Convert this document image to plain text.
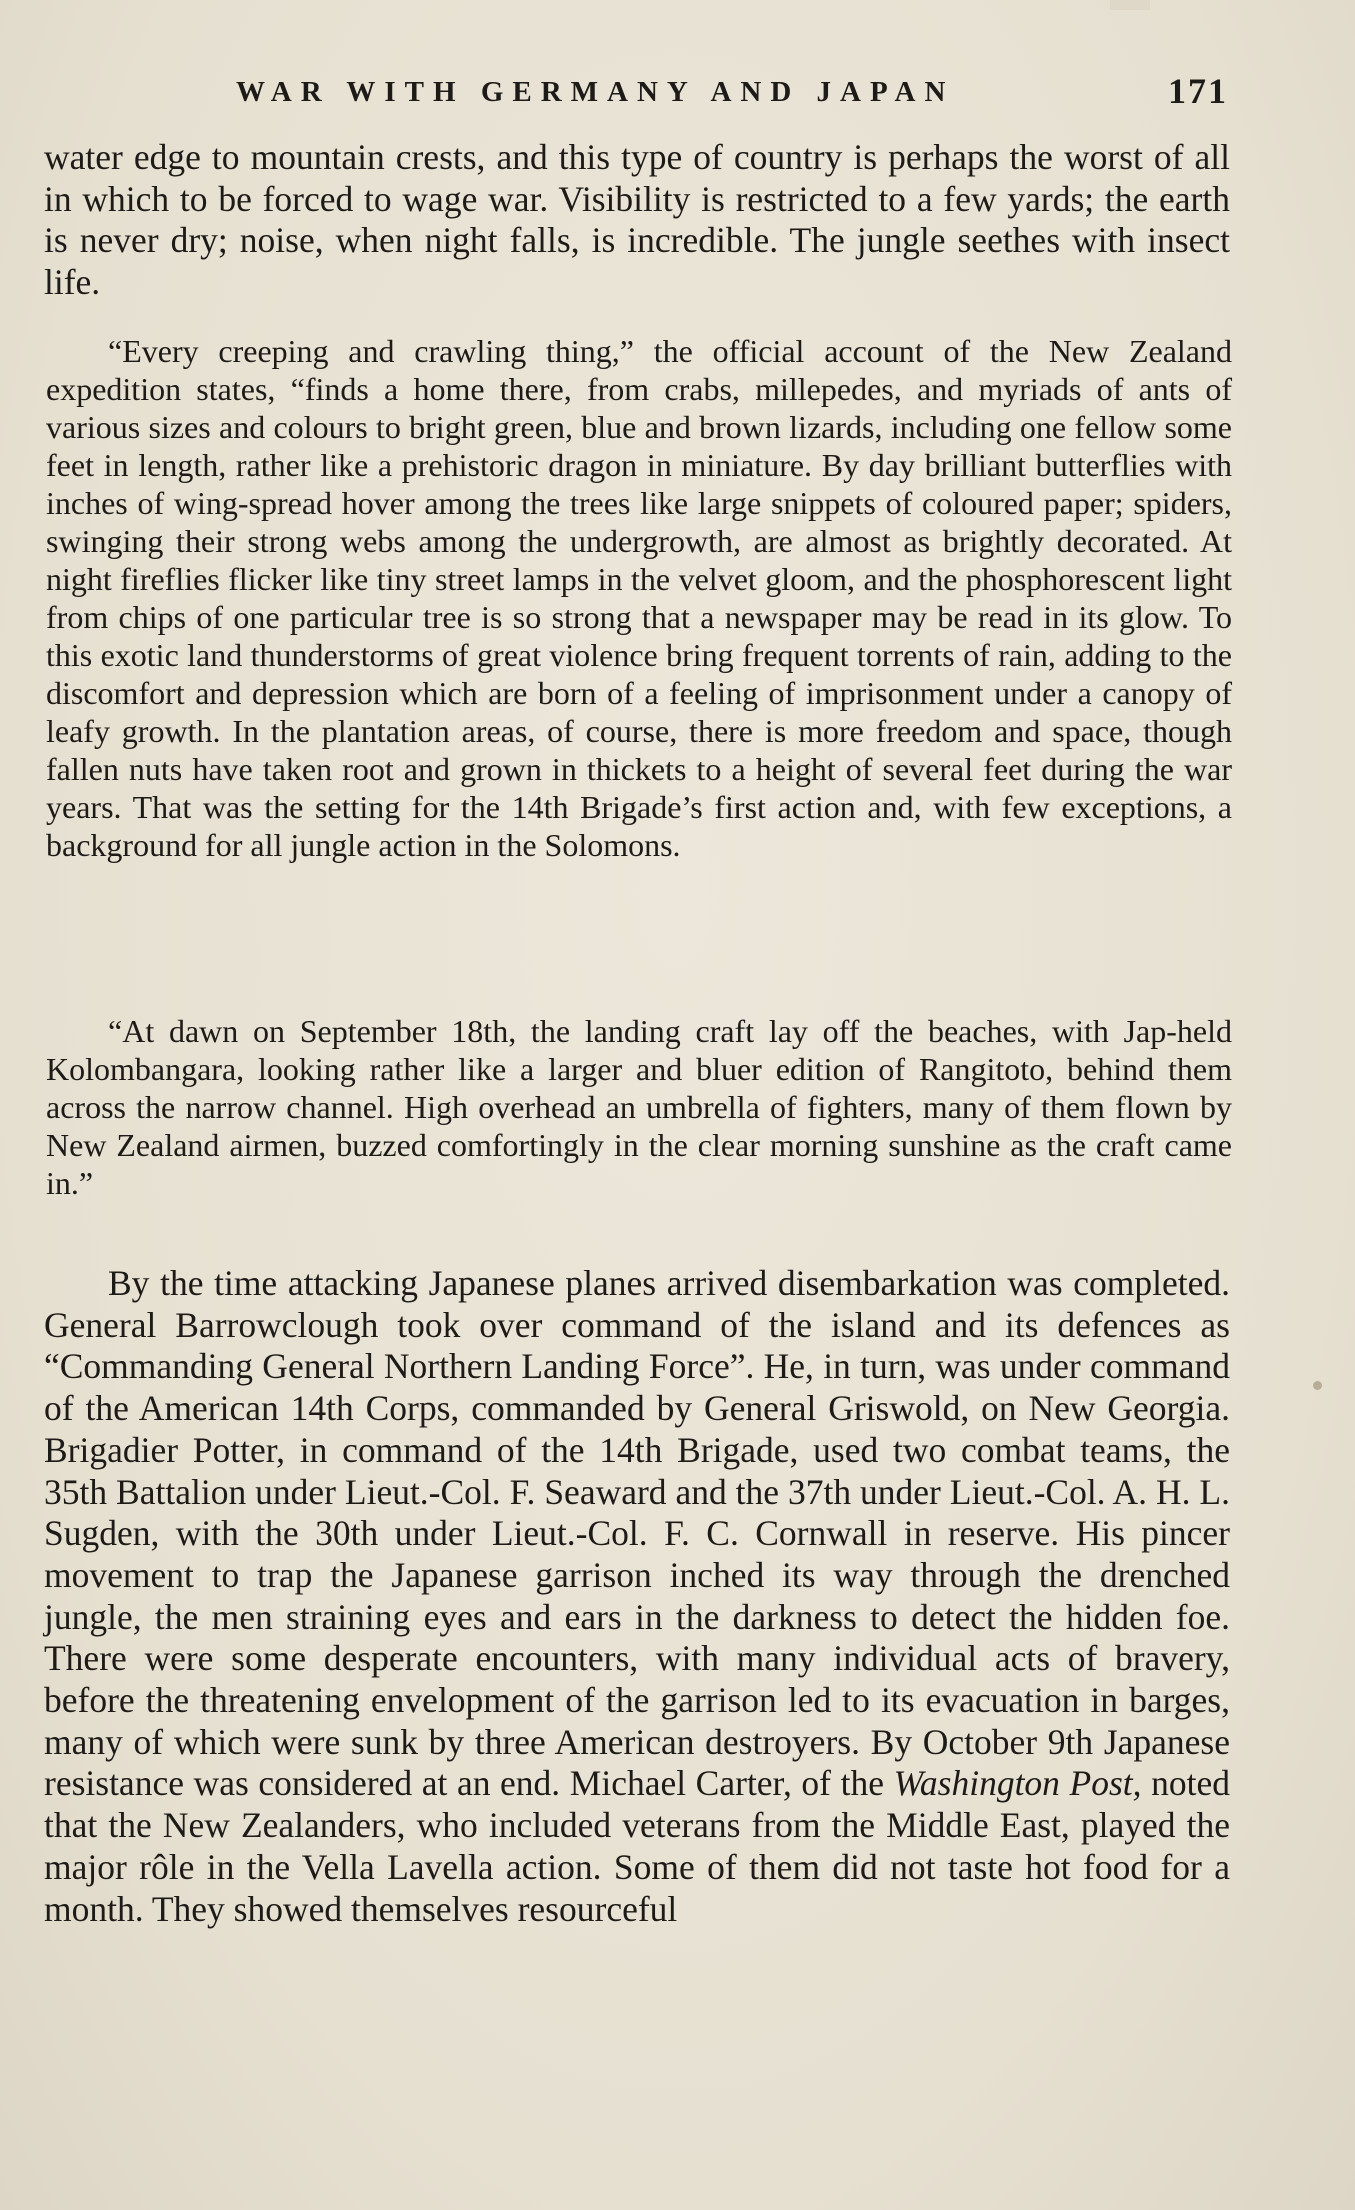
WAR WITH GERMANY AND JAPAN	171

water edge to mountain crests, and this type of country is perhaps the worst of all in which to be forced to wage war. Visibility is restricted to a few yards; the earth is never dry; noise, when night falls, is incredible. The jungle seethes with insect life.

“Every creeping and crawling thing,” the official account of the New Zealand expedition states, “finds a home there, from crabs, millepedes, and myriads of ants of various sizes and colours to bright green, blue and brown lizards, including one fellow some feet in length, rather like a prehistoric dragon in miniature. By day brilliant butterflies with inches of wing-spread hover among the trees like large snippets of coloured paper; spiders, swinging their strong webs among the undergrowth, are almost as brightly decorated. At night fireflies flicker like tiny street lamps in the velvet gloom, and the phosphorescent light from chips of one particular tree is so strong that a newspaper may be read in its glow. To this exotic land thunderstorms of great violence bring frequent torrents of rain, adding to the discomfort and depression which are born of a feeling of imprisonment under a canopy of leafy growth. In the plantation areas, of course, there is more freedom and space, though fallen nuts have taken root and grown in thickets to a height of several feet during the war years. That was the setting for the 14th Brigade’s first action and, with few exceptions, a background for all jungle action in the Solomons.

“At dawn on September 18th, the landing craft lay off the beaches, with Jap-held Kolombangara, looking rather like a larger and bluer edition of Rangitoto, behind them across the narrow channel. High overhead an umbrella of fighters, many of them flown by New Zealand airmen, buzzed comfortingly in the clear morning sunshine as the craft came in.”

By the time attacking Japanese planes arrived disembarkation was completed. General Barrowclough took over command of the island and its defences as “Commanding General Northern Landing Force”. He, in turn, was under command of the American 14th Corps, commanded by General Griswold, on New Georgia. Brigadier Potter, in command of the 14th Brigade, used two combat teams, the 35th Battalion under Lieut.-Col. F. Seaward and the 37th under Lieut.-Col. A. H. L. Sugden, with the 30th under Lieut.-Col. F. C. Cornwall in reserve. His pincer movement to trap the Japanese garrison inched its way through the drenched jungle, the men straining eyes and ears in the darkness to detect the hidden foe. There were some desperate encounters, with many individual acts of bravery, before the threatening envelopment of the garrison led to its evacuation in barges, many of which were sunk by three American destroyers. By October 9th Japanese resistance was considered at an end. Michael Carter, of the Washington Post, noted that the New Zealanders, who included veterans from the Middle East, played the major rôle in the Vella Lavella action. Some of them did not taste hot food for a month. They showed themselves resourceful
